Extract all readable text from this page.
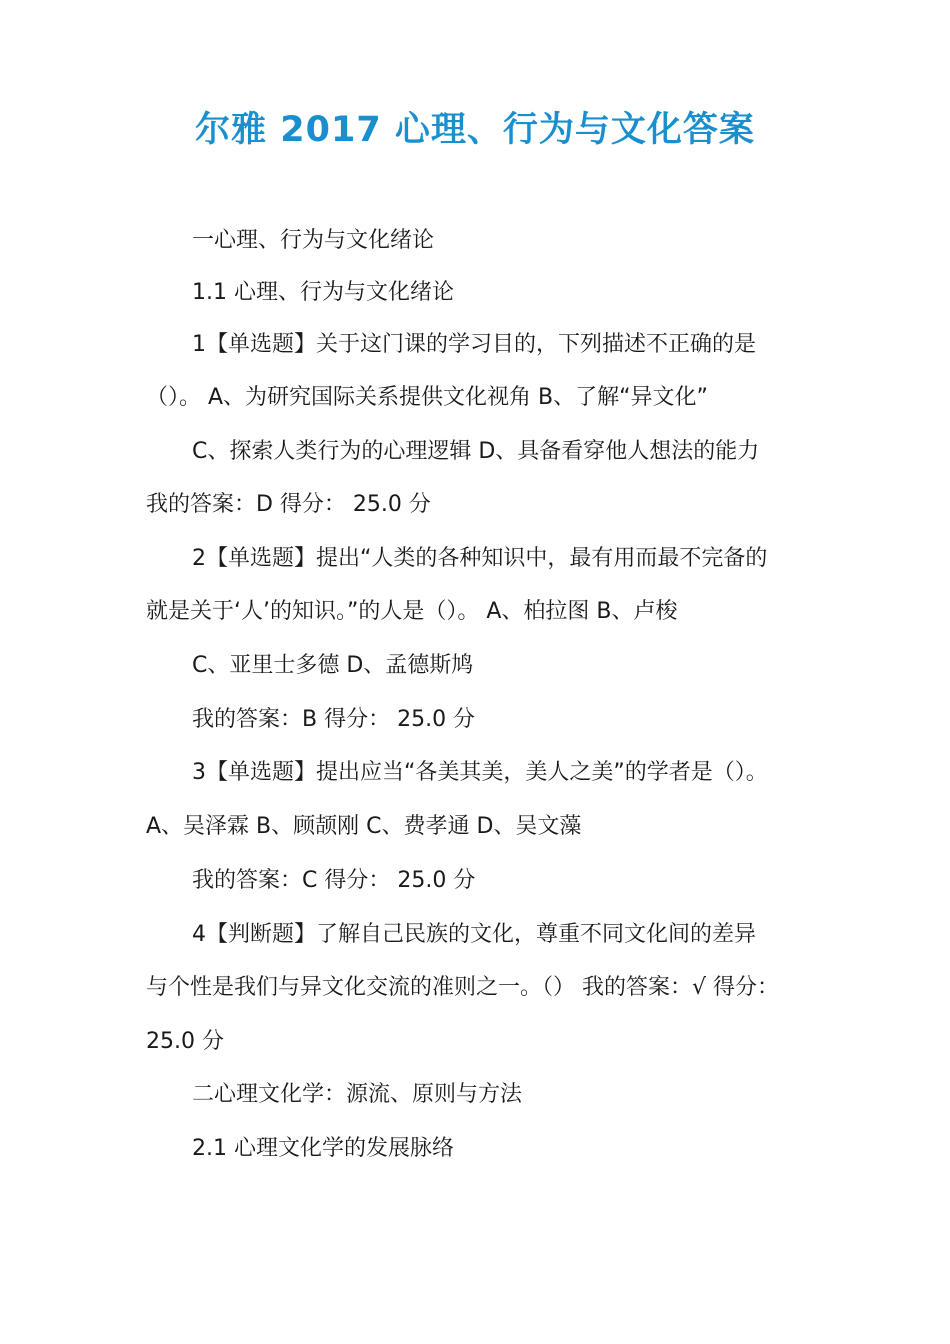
尔雅 2017 心理、行为与文化答案
一心理、行为与文化绪论
1.1 心理、行为与文化绪论
1【单选题】关于这门课的学习目的，下列描述不正确的是
（）。 A、为研究国际关系提供文化视角 B、了解“异文化”
C、探索人类行为的心理逻辑 D、具备看穿他人想法的能力
我的答案：D 得分： 25.0 分
2【单选题】提出“人类的各种知识中，最有用而最不完备的
就是关于‘人’的知识。”的人是（）。 A、柏拉图 B、卢梭
C、亚里士多德 D、孟德斯鸠
我的答案：B 得分： 25.0 分
3【单选题】提出应当“各美其美，美人之美”的学者是（）。
A、吴泽霖 B、顾颉刚 C、费孝通 D、吴文藻
我的答案：C 得分： 25.0 分
4【判断题】了解自己民族的文化，尊重不同文化间的差异
与个性是我们与异文化交流的准则之一。（） 我的答案：√ 得分：
25.0 分
二心理文化学：源流、原则与方法
2.1 心理文化学的发展脉络
